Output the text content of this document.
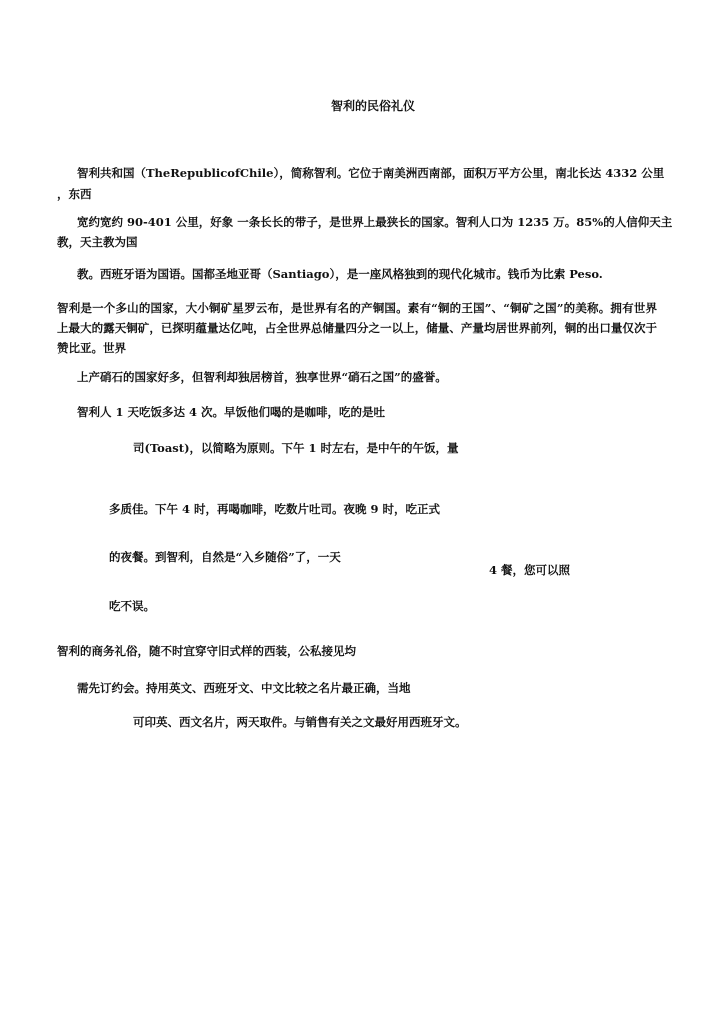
智利的民俗礼仪
智利共和国（TheRepublicofChile），简称智利。它位于南美洲西南部，面积万平方公里，南北长达 4332 公里
，东西
宽约宽约 90-401 公里，好象 一条长长的带子，是世界上最狭长的国家。智利人口为 1235 万。85%的人信仰天主
教，天主教为国
教。西班牙语为国语。国都圣地亚哥（Santiago），是一座风格独到的现代化城市。钱币为比索 Peso.
智利是一个多山的国家，大小铜矿星罗云布，是世界有名的产铜国。素有“铜的王国”、“铜矿之国”的美称。拥有世界上最大的露天铜矿，已探明蕴量达亿吨，占全世界总储量四分之一以上，储量、产量均居世界前列，铜的出口量仅次于赞比亚。世界
上产硝石的国家好多，但智利却独居榜首，独享世界“硝石之国”的盛誉。
智利人 1 天吃饭多达 4 次。早饭他们喝的是咖啡，吃的是吐
司(Toast)，以简略为原则。下午 1 时左右，是中午的午饭，量
多质佳。下午 4 时，再喝咖啡，吃数片吐司。夜晚 9 时，吃正式
的夜餐。到智利，自然是“入乡随俗”了，一天
4 餐，您可以照
吃不误。
智利的商务礼俗，随不时宜穿守旧式样的西装，公私接见均
需先订约会。持用英文、西班牙文、中文比较之名片最正确，当地
可印英、西文名片，两天取件。与销售有关之文最好用西班牙文。
